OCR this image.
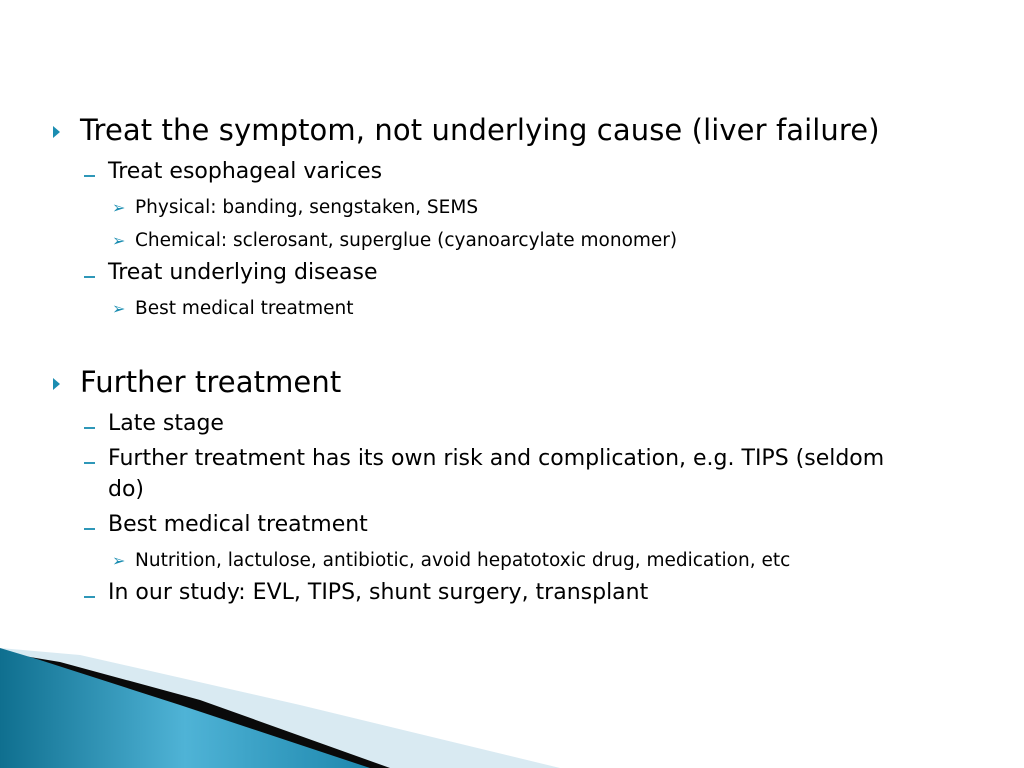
Treat the symptom, not underlying cause (liver failure)
Treat esophageal varices
➢ Physical: banding, sengstaken, SEMS
➢ Chemical: sclerosant, superglue (cyanoarcylate monomer)
Treat underlying disease
➢ Best medical treatment
Further treatment
Late stage
Further treatment has its own risk and complication, e.g. TIPS (seldom
do)
Best medical treatment
➢ Nutrition, lactulose, antibiotic, avoid hepatotoxic drug, medication, etc
In our study: EVL, TIPS, shunt surgery, transplant
